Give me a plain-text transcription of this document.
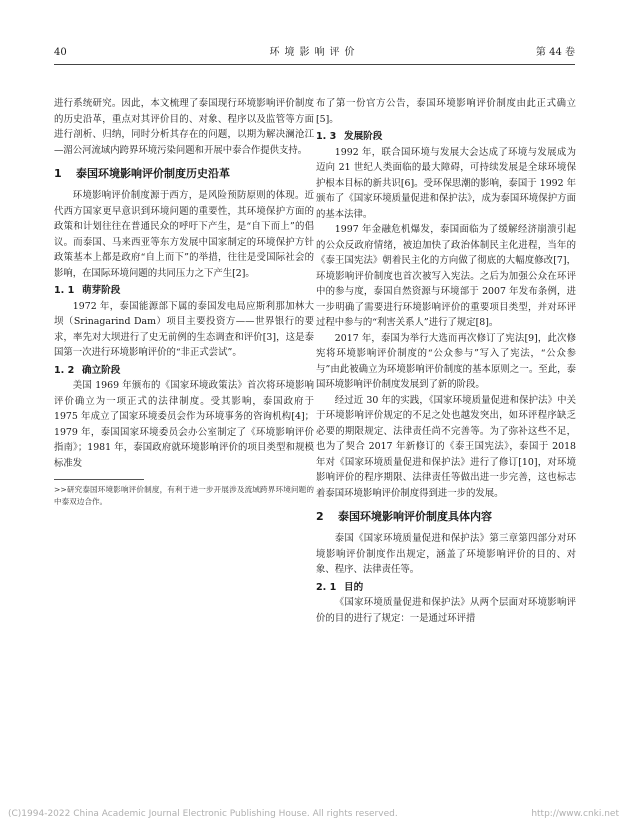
40	环境影响评价	第 44 卷

进行系统研究。因此，本文梳理了泰国现行环境影响评价制度的历史沿革，重点对其评价目的、对象、程序以及监管等方面进行剖析、归纳，同时分析其存在的问题，以期为解决澜沧江—湄公河流域内跨界环境污染问题和开展中泰合作提供支持。

1 泰国环境影响评价制度历史沿革

环境影响评价制度源于西方，是风险预防原则的体现。近代西方国家更早意识到环境问题的重要性，其环境保护方面的政策和计划往往在普通民众的呼吁下产生，是“自下而上”的倡议。而泰国、马来西亚等东方发展中国家制定的环境保护方针政策基本上都是政府“自上而下”的举措，往往是受国际社会的影响，在国际环境问题的共同压力之下产生[2]。

1. 1 萌芽阶段

1972 年，泰国能源部下属的泰国发电局应斯利那加林大坝（Srinagarind Dam）项目主要投资方——世界银行的要求，率先对大坝进行了史无前例的生态调查和评价[3]，这是泰国第一次进行环境影响评价的“非正式尝试”。

1. 2 确立阶段

美国 1969 年颁布的《国家环境政策法》首次将环境影响评价确立为一项正式的法律制度。受其影响，泰国政府于 1975 年成立了国家环境委员会作为环境事务的咨询机构[4]；1979 年，泰国国家环境委员会办公室制定了《环境影响评价指南》；1981 年，泰国政府就环境影响评价的项目类型和规模标准发

>>研究泰国环境影响评价制度，有利于进一步开展涉及流域跨界环境问题的中泰双边合作。

布了第一份官方公告，泰国环境影响评价制度由此正式确立[5]。

1. 3 发展阶段

1992 年，联合国环境与发展大会达成了环境与发展成为迈向 21 世纪人类面临的最大障碍，可持续发展是全球环境保护根本目标的新共识[6]。受环保思潮的影响，泰国于 1992 年颁布了《国家环境质量促进和保护法》，成为泰国环境保护方面的基本法律。

1997 年金融危机爆发，泰国面临为了缓解经济崩溃引起的公众反政府情绪，被迫加快了政治体制民主化进程，当年的《泰王国宪法》朝着民主化的方向做了彻底的大幅度修改[7]，环境影响评价制度也首次被写入宪法。之后为加强公众在环评中的参与度，泰国自然资源与环境部于 2007 年发布条例，进一步明确了需要进行环境影响评价的重要项目类型，并对环评过程中参与的“利害关系人”进行了规定[8]。

2017 年，泰国为举行大选而再次修订了宪法[9]，此次修宪将环境影响评价制度的“公众参与”写入了宪法，“公众参与”由此被确立为环境影响评价制度的基本原则之一。至此，泰国环境影响评价制度发展到了新的阶段。

经过近 30 年的实践，《国家环境质量促进和保护法》中关于环境影响评价规定的不足之处也越发突出，如环评程序缺乏必要的期限规定、法律责任尚不完善等。为了弥补这些不足，也为了契合 2017 年新修订的《泰王国宪法》，泰国于 2018 年对《国家环境质量促进和保护法》进行了修订[10]，对环境影响评价的程序期限、法律责任等做出进一步完善，这也标志着泰国环境影响评价制度得到进一步的发展。

2 泰国环境影响评价制度具体内容

泰国《国家环境质量促进和保护法》第三章第四部分对环境影响评价制度作出规定，涵盖了环境影响评价的目的、对象、程序、法律责任等。

2. 1 目的

《国家环境质量促进和保护法》从两个层面对环境影响评价的目的进行了规定：一是通过环评措

(C)1994-2022 China Academic Journal Electronic Publishing House. All rights reserved.	http://www.cnki.net
